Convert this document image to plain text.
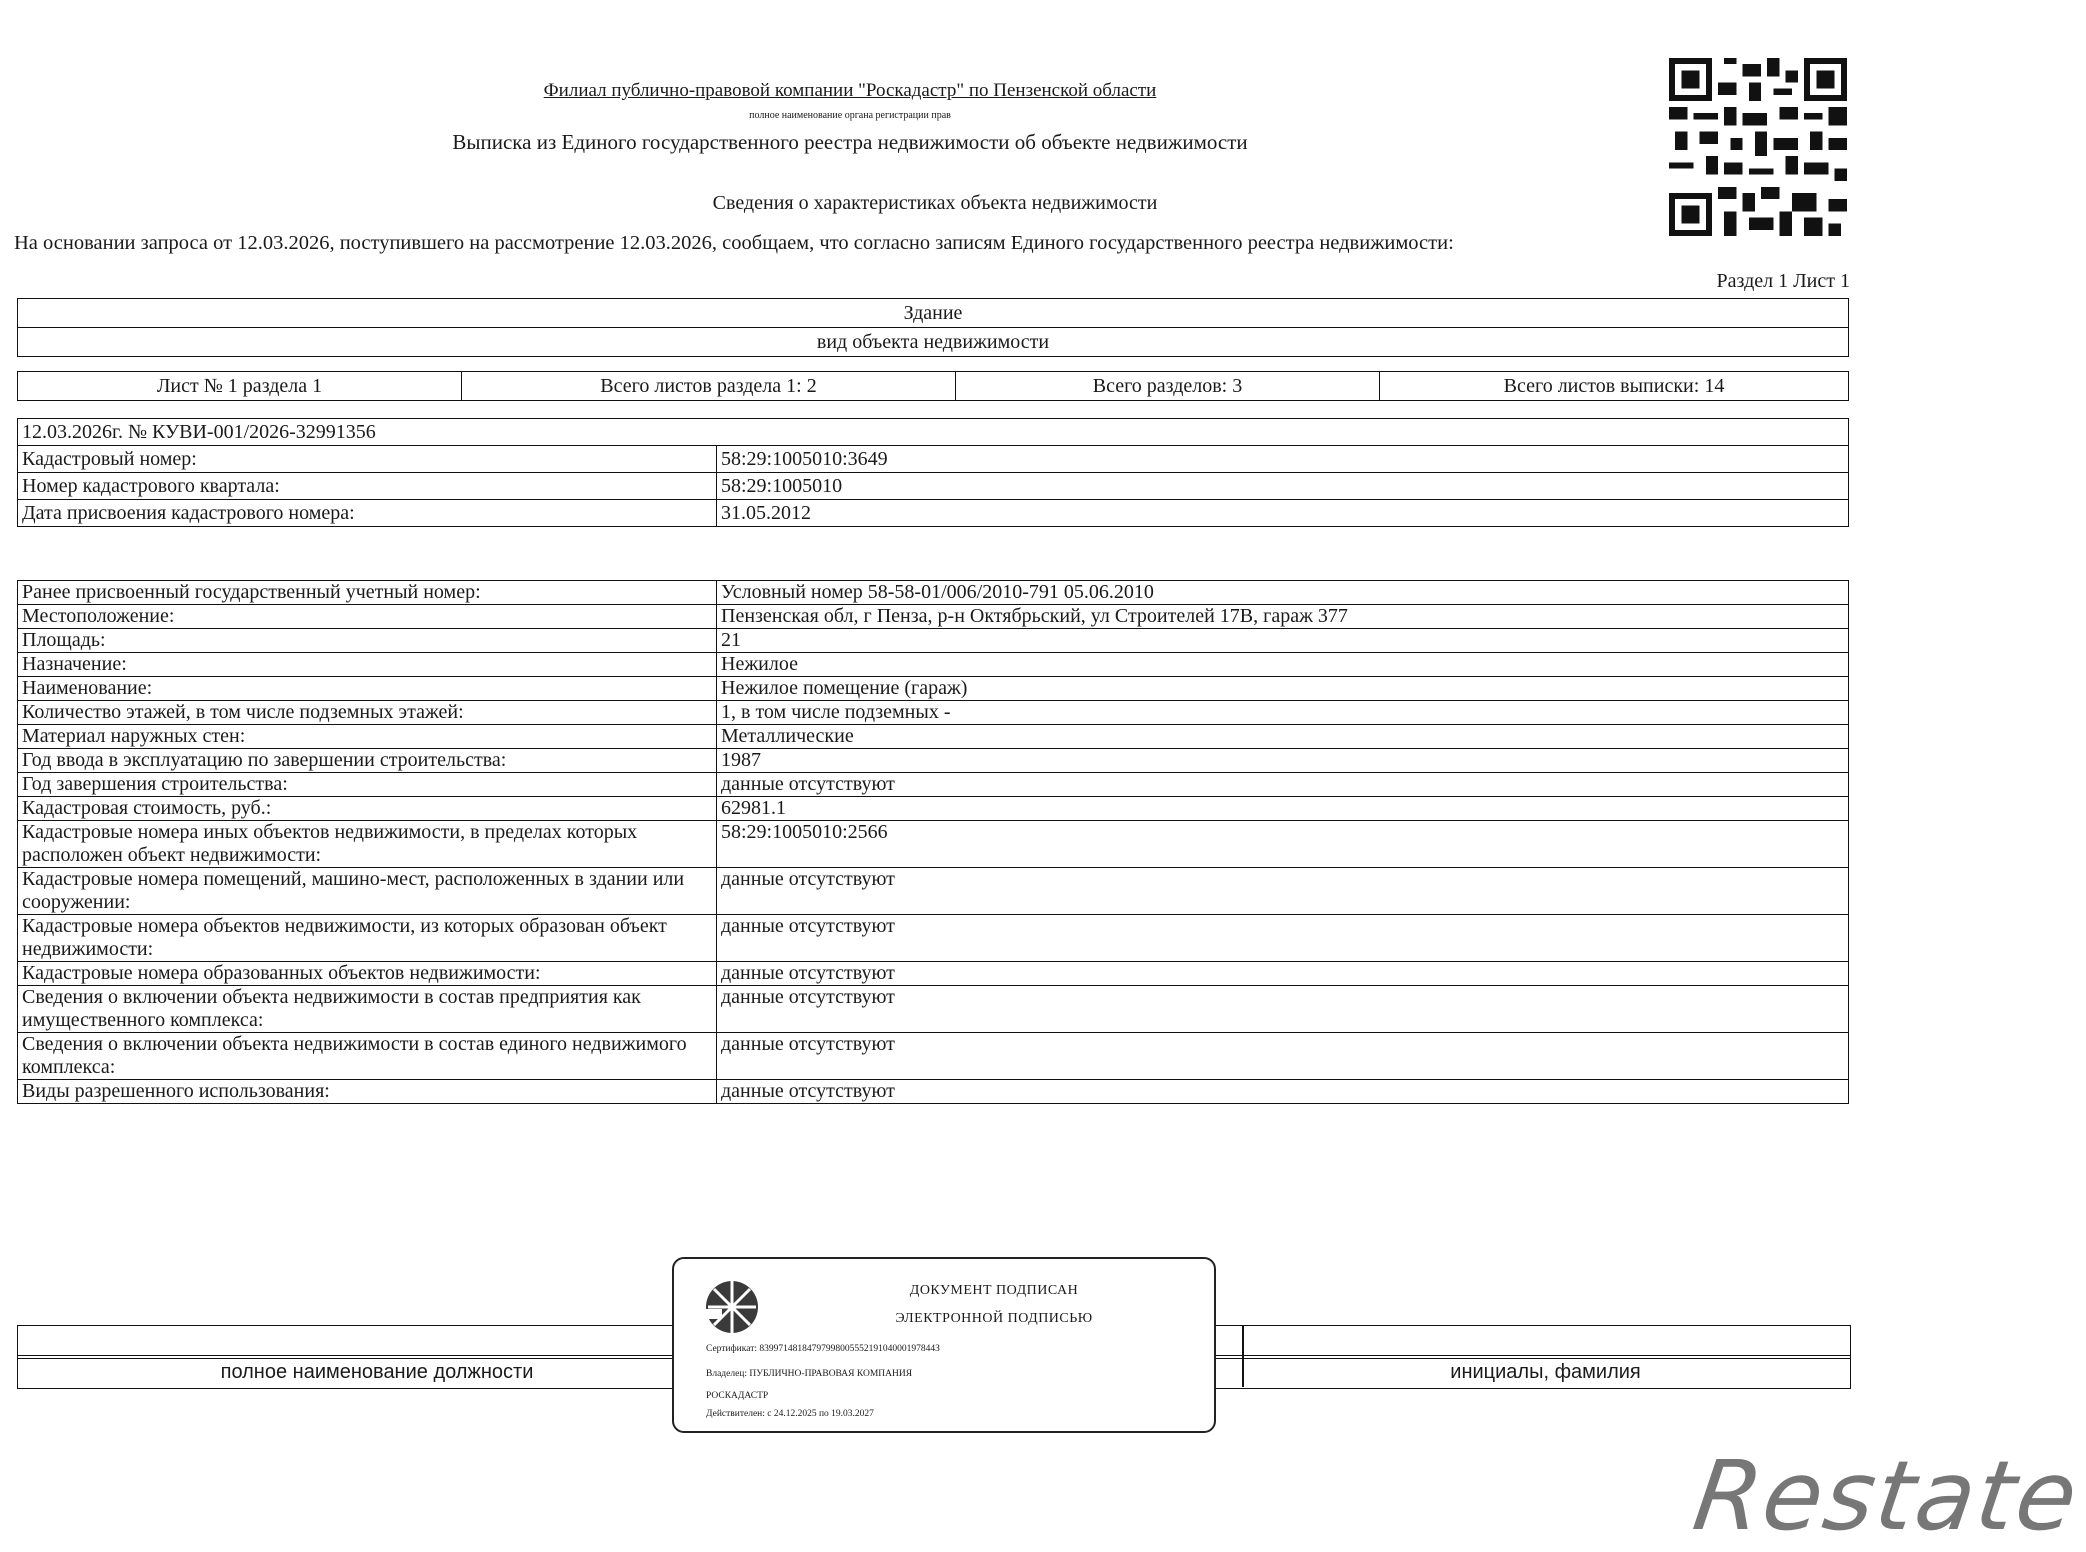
Филиал публично-правовой компании "Роскадастр" по Пензенской области
полное наименование органа регистрации прав
Выписка из Единого государственного реестра недвижимости об объекте недвижимости
Сведения о характеристиках объекта недвижимости
На основании запроса от 12.03.2026, поступившего на рассмотрение 12.03.2026, сообщаем, что согласно записям Единого государственного реестра недвижимости:
Раздел 1 Лист 1
Здание
вид объекта недвижимости
Лист № 1 раздела 1	Всего листов раздела 1: 2	Всего разделов: 3	Всего листов выписки: 14
12.03.2026г. № КУВИ-001/2026-32991356	
Кадастровый номер:	58:29:1005010:3649
Номер кадастрового квартала:	58:29:1005010
Дата присвоения кадастрового номера:	31.05.2012
Ранее присвоенный государственный учетный номер:	Условный номер 58-58-01/006/2010-791 05.06.2010
Местоположение:	Пензенская обл, г Пенза, р-н Октябрьский, ул Строителей 17В, гараж 377
Площадь:	21
Назначение:	Нежилое
Наименование:	Нежилое помещение (гараж)
Количество этажей, в том числе подземных этажей:	1, в том числе подземных -
Материал наружных стен:	Металлические
Год ввода в эксплуатацию по завершении строительства:	1987
Год завершения строительства:	данные отсутствуют
Кадастровая стоимость, руб.:	62981.1
Кадастровые номера иных объектов недвижимости, в пределах которых расположен объект недвижимости:	58:29:1005010:2566
Кадастровые номера помещений, машино-мест, расположенных в здании или сооружении:	данные отсутствуют
Кадастровые номера объектов недвижимости, из которых образован объект недвижимости:	данные отсутствуют
Кадастровые номера образованных объектов недвижимости:	данные отсутствуют
Сведения о включении объекта недвижимости в состав предприятия как имущественного комплекса:	данные отсутствуют
Сведения о включении объекта недвижимости в состав единого недвижимого комплекса:	данные отсутствуют
Виды разрешенного использования:	данные отсутствуют
полное наименование должности	инициалы, фамилия
ДОКУМЕНТ ПОДПИСАН
ЭЛЕКТРОННОЙ ПОДПИСЬЮ
Сертификат: 8399714818479799800555219104000197844З
Владелец: ПУБЛИЧНО-ПРАВОВАЯ КОМПАНИЯ
РОСКАДАСТР
Действителен: с 24.12.2025 по 19.03.2027
Restate
